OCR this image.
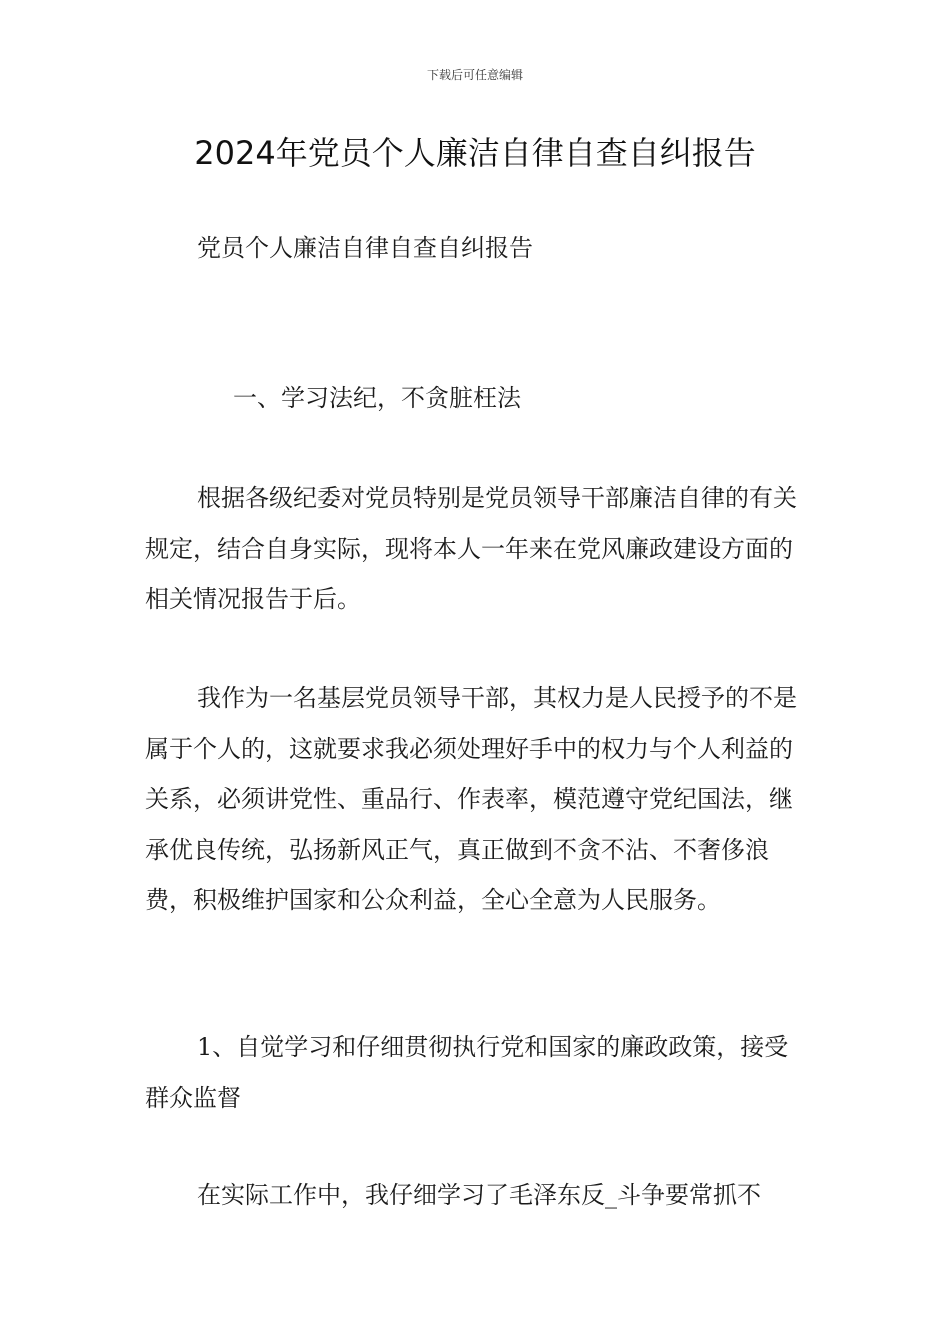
下载后可任意编辑
2024年党员个人廉洁自律自查自纠报告

党员个人廉洁自律自查自纠报告

一、学习法纪，不贪脏枉法

根据各级纪委对党员特别是党员领导干部廉洁自律的有关规定，结合自身实际，现将本人一年来在党风廉政建设方面的相关情况报告于后。

我作为一名基层党员领导干部，其权力是人民授予的不是属于个人的，这就要求我必须处理好手中的权力与个人利益的关系，必须讲党性、重品行、作表率，模范遵守党纪国法，继承优良传统，弘扬新风正气，真正做到不贪不沾、不奢侈浪费，积极维护国家和公众利益，全心全意为人民服务。

1、自觉学习和仔细贯彻执行党和国家的廉政政策，接受群众监督

在实际工作中，我仔细学习了毛泽东反_斗争要常抓不
